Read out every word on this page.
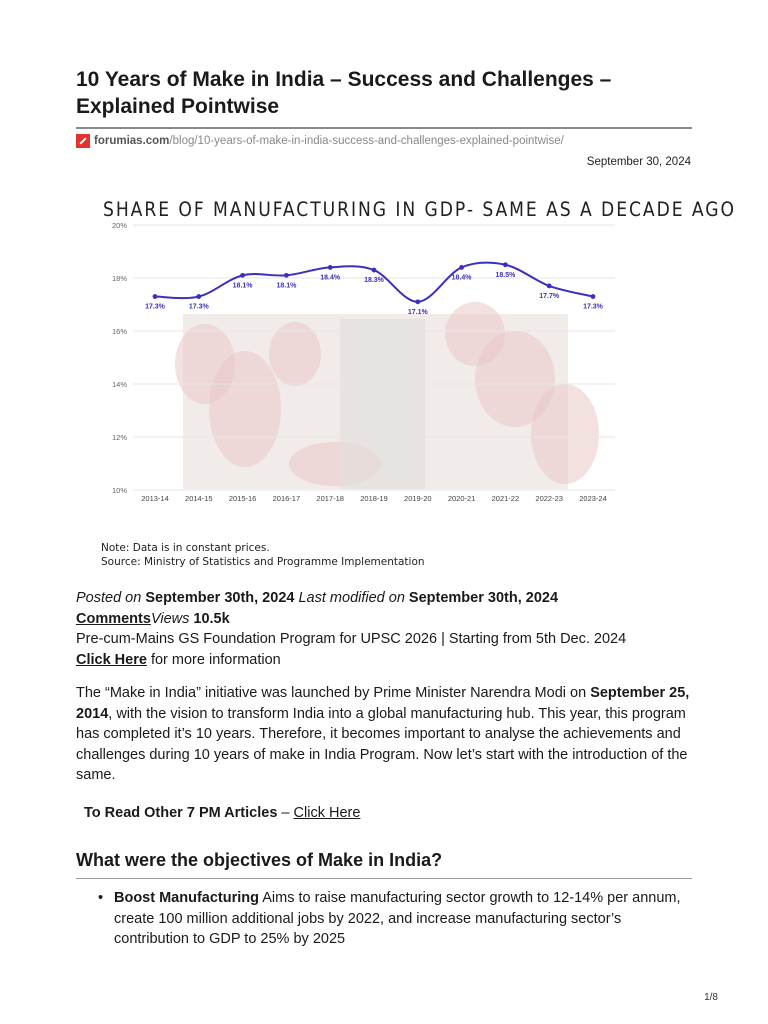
10 Years of Make in India – Success and Challenges – Explained Pointwise
forumias.com /blog/10-years-of-make-in-india-success-and-challenges-explained-pointwise/
September 30, 2024
SHARE OF MANUFACTURING IN GDP- SAME AS A DECADE AGO
10%
12%
14%
16%
18%
20%
2013-14 2014-15 2015-16 2016-17 2017-18 2018-19 2019-20 2020-21 2021-22 2022-23 2023-24
17.3%	17.3%
18.1%	18.1%
18.4%	18.3%
17.1%
18.4%	18.5%
17.7%
17.3%
Note: Data is in constant prices.
Source: Ministry of Statistics and Programme Implementation
Posted on September 30th, 2024 Last modified on September 30th, 2024
CommentsViews 10.5k
Pre-cum-Mains GS Foundation Program for UPSC 2026 | Starting from 5th Dec. 2024
Click Here for more information

The “Make in India” initiative was launched by Prime Minister Narendra Modi on September 25, 2014, with the vision to transform India into a global manufacturing hub. This year, this program has completed it’s 10 years. Therefore, it becomes important to analyse the achievements and challenges during 10 years of make in India Program. Now let’s start with the introduction of the same.

To Read Other 7 PM Articles – Click Here
What were the objectives of Make in India?
• Boost Manufacturing Aims to raise manufacturing sector growth to 12-14% per annum, create 100 million additional jobs by 2022, and increase manufacturing sector’s contribution to GDP to 25% by 2025
1/8
